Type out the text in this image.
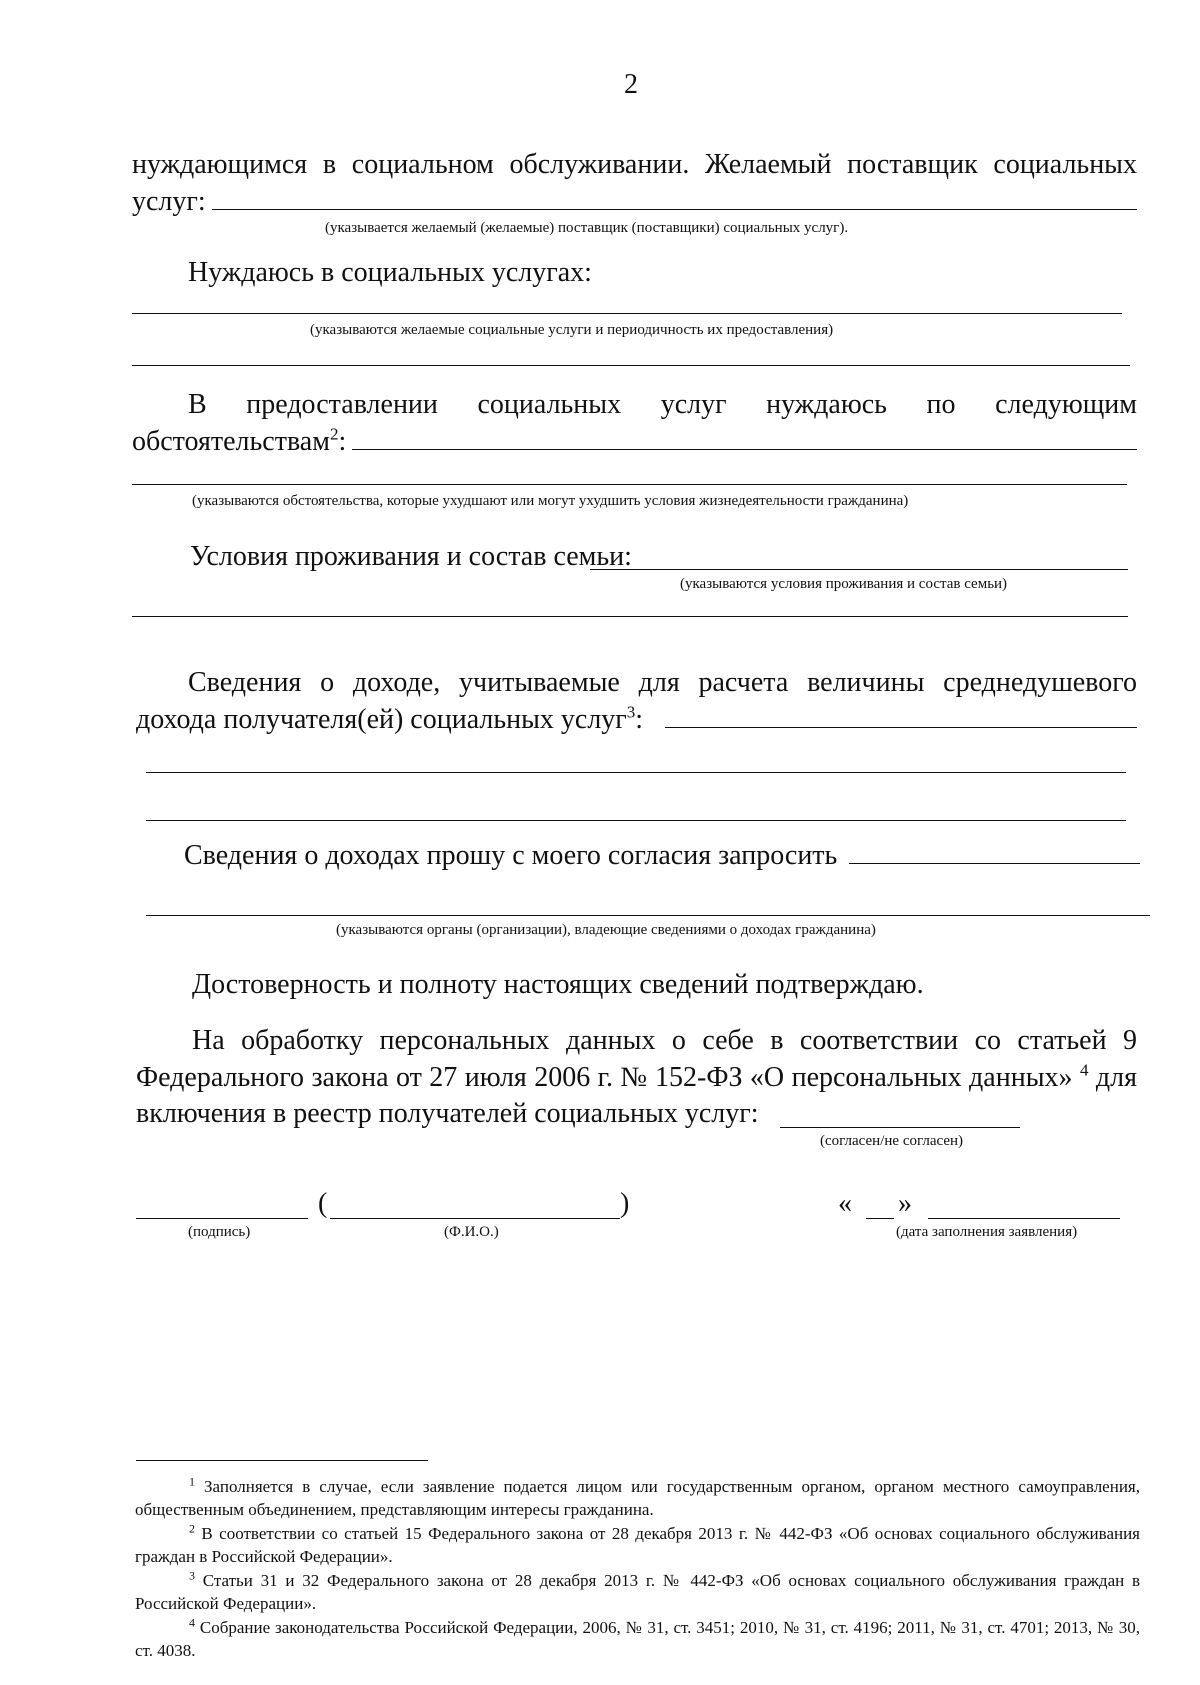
2
нуждающимся в социальном обслуживании. Желаемый поставщик социальных
услуг:
(указывается желаемый (желаемые) поставщик (поставщики) социальных услуг).
Нуждаюсь в социальных услугах:
(указываются желаемые социальные услуги и периодичность их предоставления)
В предоставлении социальных услуг нуждаюсь по следующим
обстоятельствам$^2$:
(указываются обстоятельства, которые ухудшают или могут ухудшить условия жизнедеятельности гражданина)
Условия проживания и состав семьи:
(указываются условия проживания и состав семьи)
Сведения о доходе, учитываемые для расчета величины среднедушевого
дохода получателя(ей) социальных услуг$^3$:
Сведения о доходах прошу с моего согласия запросить
(указываются органы (организации), владеющие сведениями о доходах гражданина)
Достоверность и полноту настоящих сведений подтверждаю.
На обработку персональных данных о себе в соответствии со статьей 9
Федерального закона от 27 июля 2006 г. № 152-ФЗ «О персональных данных» $^4$ для
включения в реестр получателей социальных услуг:
(согласен/не согласен)
(	)	« »
(подпись)	(Ф.И.О.)	(дата заполнения заявления)
$^1$ Заполняется в случае, если заявление подается лицом или государственным органом, органом местного самоуправления, общественным объединением, представляющим интересы гражданина.
$^2$ В соответствии со статьей 15 Федерального закона от 28 декабря 2013 г. № 442-ФЗ «Об основах социального обслуживания граждан в Российской Федерации».
$^3$ Статьи 31 и 32 Федерального закона от 28 декабря 2013 г. № 442-ФЗ «Об основах социального обслуживания граждан в Российской Федерации».
$^4$ Собрание законодательства Российской Федерации, 2006, № 31, ст. 3451; 2010, № 31, ст. 4196; 2011, № 31, ст. 4701; 2013, № 30, ст. 4038.
